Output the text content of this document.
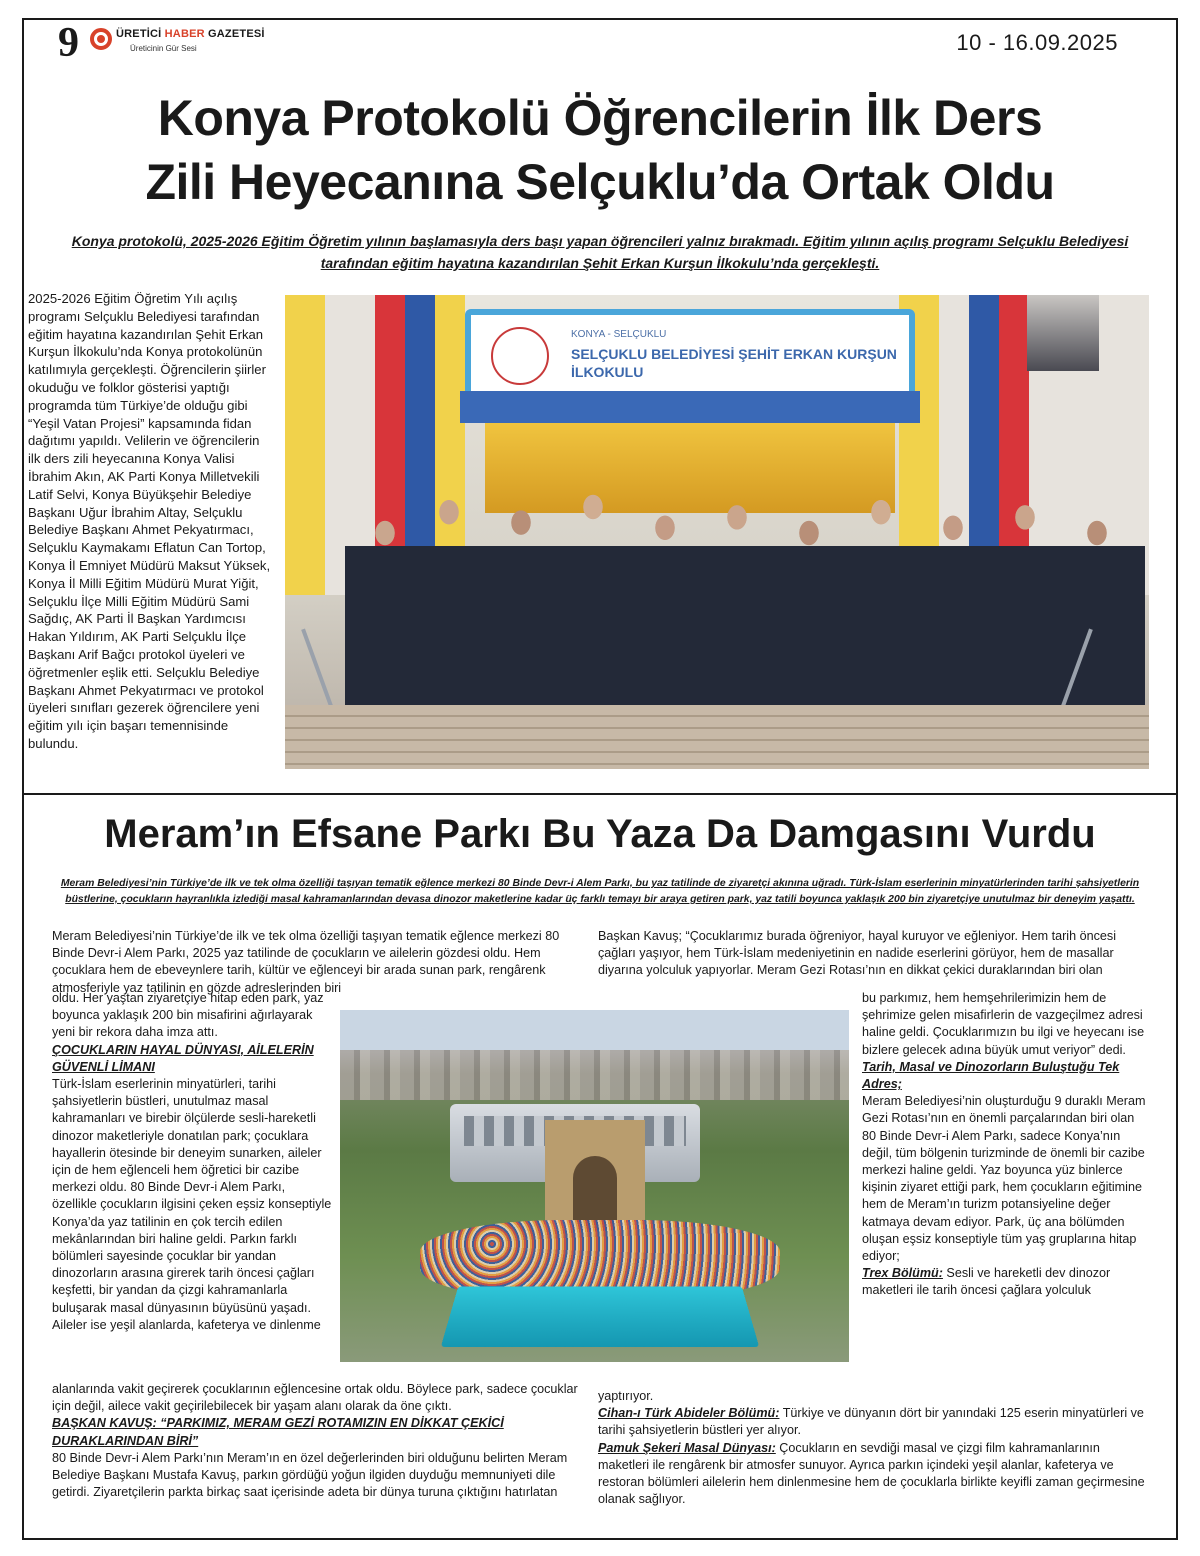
9	ÜRETİCİ HABER GAZETESİ
Üreticinin Gür Sesi	10 - 16.09.2025
Konya Protokolü Öğrencilerin İlk Ders
Zili Heyecanına Selçuklu’da Ortak Oldu
Konya protokolü, 2025-2026 Eğitim Öğretim yılının başlamasıyla ders başı yapan öğrencileri yalnız bırakmadı. Eğitim yılının açılış programı Selçuklu Belediyesi tarafından eğitim hayatına kazandırılan Şehit Erkan Kurşun İlkokulu’nda gerçekleşti.
2025-2026 Eğitim Öğretim Yılı açılış programı Selçuklu Belediyesi tarafından eğitim hayatına kazandırılan Şehit Erkan Kurşun İlkokulu’nda Konya protokolünün katılımıyla gerçekleşti. Öğrencilerin şiirler okuduğu ve folklor gösterisi yaptığı programda tüm Türkiye’de olduğu gibi “Yeşil Vatan Projesi” kapsamında fidan dağıtımı yapıldı. Velilerin ve öğrencilerin ilk ders zili heyecanına Konya Valisi İbrahim Akın, AK Parti Konya Milletvekili Latif Selvi, Konya Büyükşehir Belediye Başkanı Uğur İbrahim Altay, Selçuklu Belediye Başkanı Ahmet Pekyatırmacı, Selçuklu Kaymakamı Eflatun Can Tortop, Konya İl Emniyet Müdürü Maksut Yüksek, Konya İl Milli Eğitim Müdürü Murat Yiğit, Selçuklu İlçe Milli Eğitim Müdürü Sami Sağdıç, AK Parti İl Başkan Yardımcısı Hakan Yıldırım, AK Parti Selçuklu İlçe Başkanı Arif Bağcı protokol üyeleri ve öğretmenler eşlik etti. Selçuklu Belediye Başkanı Ahmet Pekyatırmacı ve protokol üyeleri sınıfları gezerek öğrencilere yeni eğitim yılı için başarı temennisinde bulundu.
KONYA - SELÇUKLU
SELÇUKLU BELEDİYESİ ŞEHİT ERKAN KURŞUN İLKOKULU
Meram’ın Efsane Parkı Bu Yaza Da Damgasını Vurdu
Meram Belediyesi’nin Türkiye’de ilk ve tek olma özelliği taşıyan tematik eğlence merkezi 80 Binde Devr-i Alem Parkı, bu yaz tatilinde de ziyaretçi akınına uğradı. Türk-İslam eserlerinin minyatürlerinden tarihi şahsiyetlerin büstlerine, çocukların hayranlıkla izlediği masal kahramanlarından devasa dinozor maketlerine kadar üç farklı temayı bir araya getiren park, yaz tatili boyunca yaklaşık 200 bin ziyaretçiye unutulmaz bir deneyim yaşattı.
Meram Belediyesi’nin Türkiye’de ilk ve tek olma özelliği taşıyan tematik eğlence merkezi 80 Binde Devr-i Alem Parkı, 2025 yaz tatilinde de çocukların ve ailelerin gözdesi oldu. Hem çocuklara hem de ebeveynlere tarih, kültür ve eğlenceyi bir arada sunan park, rengârenk atmosferiyle yaz tatilinin en gözde adreslerinden biri
oldu. Her yaştan ziyaretçiye hitap eden park, yaz boyunca yaklaşık 200 bin misafirini ağırlayarak yeni bir rekora daha imza attı.
ÇOCUKLARIN HAYAL DÜNYASI, AİLELERİN GÜVENLİ LİMANI
Türk-İslam eserlerinin minyatürleri, tarihi şahsiyetlerin büstleri, unutulmaz masal kahramanları ve birebir ölçülerde sesli-hareketli dinozor maketleriyle donatılan park; çocuklara hayallerin ötesinde bir deneyim sunarken, aileler için de hem eğlenceli hem öğretici bir cazibe merkezi oldu. 80 Binde Devr-i Alem Parkı, özellikle çocukların ilgisini çeken eşsiz konseptiyle Konya’da yaz tatilinin en çok tercih edilen mekânlarından biri haline geldi. Parkın farklı bölümleri sayesinde çocuklar bir yandan dinozorların arasına girerek tarih öncesi çağları keşfetti, bir yandan da çizgi kahramanlarla buluşarak masal dünyasının büyüsünü yaşadı. Aileler ise yeşil alanlarda, kafeterya ve dinlenme
alanlarında vakit geçirerek çocuklarının eğlencesine ortak oldu. Böylece park, sadece çocuklar için değil, ailece vakit geçirilebilecek bir yaşam alanı olarak da öne çıktı.
BAŞKAN KAVUŞ: “PARKIMIZ, MERAM GEZİ ROTAMIZIN EN DİKKAT ÇEKİCİ DURAKLARINDAN BİRİ”
80 Binde Devr-i Alem Parkı’nın Meram’ın en özel değerlerinden biri olduğunu belirten Meram Belediye Başkanı Mustafa Kavuş, parkın gördüğü yoğun ilgiden duyduğu memnuniyeti dile getirdi. Ziyaretçilerin parkta birkaç saat içerisinde adeta bir dünya turuna çıktığını hatırlatan
Başkan Kavuş; “Çocuklarımız burada öğreniyor, hayal kuruyor ve eğleniyor. Hem tarih öncesi çağları yaşıyor, hem Türk-İslam medeniyetinin en nadide eserlerini görüyor, hem de masallar diyarına yolculuk yapıyorlar. Meram Gezi Rotası’nın en dikkat çekici duraklarından biri olan
bu parkımız, hem hemşehrilerimizin hem de şehrimize gelen misafirlerin de vazgeçilmez adresi haline geldi. Çocuklarımızın bu ilgi ve heyecanı ise bizlere gelecek adına büyük umut veriyor” dedi.
Tarih, Masal ve Dinozorların Buluştuğu Tek Adres;
Meram Belediyesi’nin oluşturduğu 9 duraklı Meram Gezi Rotası’nın en önemli parçalarından biri olan 80 Binde Devr-i Alem Parkı, sadece Konya’nın değil, tüm bölgenin turizminde de önemli bir cazibe merkezi haline geldi. Yaz boyunca yüz binlerce kişinin ziyaret ettiği park, hem çocukların eğitimine hem de Meram’ın turizm potansiyeline değer katmaya devam ediyor. Park, üç ana bölümden oluşan eşsiz konseptiyle tüm yaş gruplarına hitap ediyor;
Trex Bölümü: Sesli ve hareketli dev dinozor maketleri ile tarih öncesi çağlara yolculuk
yaptırıyor.
Cihan-ı Türk Abideler Bölümü: Türkiye ve dünyanın dört bir yanındaki 125 eserin minyatürleri ve tarihi şahsiyetlerin büstleri yer alıyor.
Pamuk Şekeri Masal Dünyası: Çocukların en sevdiği masal ve çizgi film kahramanlarının maketleri ile rengârenk bir atmosfer sunuyor. Ayrıca parkın içindeki yeşil alanlar, kafeterya ve restoran bölümleri ailelerin hem dinlenmesine hem de çocuklarla birlikte keyifli zaman geçirmesine olanak sağlıyor.
